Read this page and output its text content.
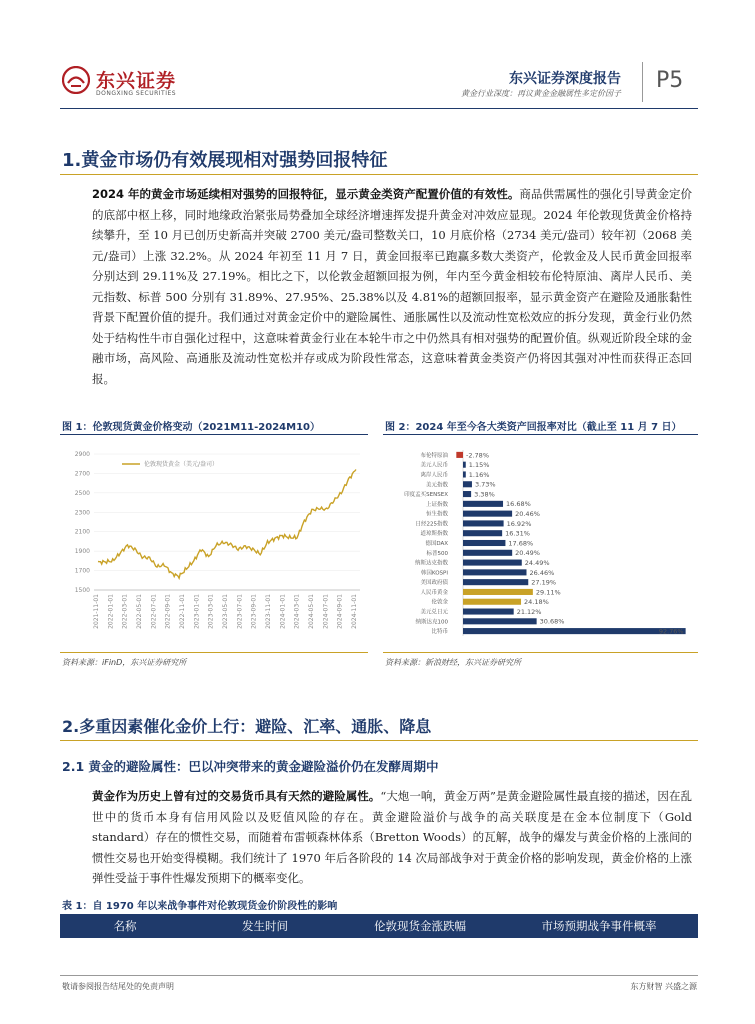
东兴证券
DONGXING SECURITIES
东兴证券深度报告
黄金行业深度：再议黄金金融属性多定价因子
P5
1.黄金市场仍有效展现相对强势回报特征
2024 年的黄金市场延续相对强势的回报特征，显示黄金类资产配置价值的有效性。商品供需属性的强化引导黄金定价的底部中枢上移，同时地缘政治紧张局势叠加全球经济增速挥发提升黄金对冲效应显现。2024 年伦敦现货黄金价格持续攀升，至 10 月已创历史新高并突破 2700 美元/盎司整数关口，10 月底价格（2734 美元/盎司）较年初（2068 美元/盎司）上涨 32.2%。从 2024 年初至 11 月 7 日，黄金回报率已跑赢多数大类资产，伦敦金及人民币黄金回报率分别达到 29.11%及 27.19%。相比之下，以伦敦金超额回报为例，年内至今黄金相较布伦特原油、离岸人民币、美元指数、标普 500 分别有 31.89%、27.95%、25.38%以及 4.81%的超额回报率，显示黄金资产在避险及通胀黏性背景下配置价值的提升。我们通过对黄金定价中的避险属性、通胀属性以及流动性宽松效应的拆分发现，黄金行业仍然处于结构性牛市自强化过程中，这意味着黄金行业在本轮牛市之中仍然具有相对强势的配置价值。纵观近阶段全球的金融市场，高风险、高通胀及流动性宽松并存或成为阶段性常态，这意味着黄金类资产仍将因其强对冲性而获得正态回报。
图 1：伦敦现货黄金价格变动（2021M11-2024M10）
1500
1700
1900
2100
2300
2500
2700
2900
2021-11-01 2022-01-01 2022-03-01 2022-05-01 2022-07-01 2022-09-01 2022-11-01 2023-01-01 2023-03-01 2023-05-01 2023-07-01 2023-09-01 2023-11-01 2024-01-01 2024-03-01 2024-05-01 2024-07-01 2024-09-01 2024-11-01
伦敦现货黄金（美元/盎司）
资料来源：iFinD，东兴证券研究所
图 2：2024 年至今各大类资产回报率对比（截止至 11 月 7 日）
布伦特原油	-2.78%
美元人民币	1.15%
离岸人民币	1.16%
美元指数	3.73%
印度孟买SENSEX	3.38%
上证指数	16.68%
恒生指数	20.46%
日经225指数	16.92%
道琼斯指数	16.31%
德国DAX	17.68%
标普500	20.49%
纳斯达克指数	24.49%
韩国KOSPI	26.46%
美国政府债	27.19%
人民币黄金	29.11%
伦敦金	24.18%
美元兑日元	21.12%
纳斯达克100	30.68%
比特币	92.76%
资料来源：新浪财经，东兴证券研究所
2.多重因素催化金价上行：避险、汇率、通胀、降息
2.1 黄金的避险属性：巴以冲突带来的黄金避险溢价仍在发酵周期中
黄金作为历史上曾有过的交易货币具有天然的避险属性。“大炮一响，黄金万两”是黄金避险属性最直接的描述，因在乱世中的货币本身有信用风险以及贬值风险的存在。黄金避险溢价与战争的高关联度是在金本位制度下（Gold standard）存在的惯性交易，而随着布雷顿森林体系（Bretton Woods）的瓦解，战争的爆发与黄金价格的上涨间的惯性交易也开始变得模糊。我们统计了 1970 年后各阶段的 14 次局部战争对于黄金价格的影响发现，黄金价格的上涨弹性受益于事件性爆发预期下的概率变化。
表 1：自 1970 年以来战争事件对伦敦现货金价阶段性的影响
名称	发生时间	伦敦现货金涨跌幅	市场预期战争事件概率
敬请参阅报告结尾处的免责声明	东方财智 兴盛之源
